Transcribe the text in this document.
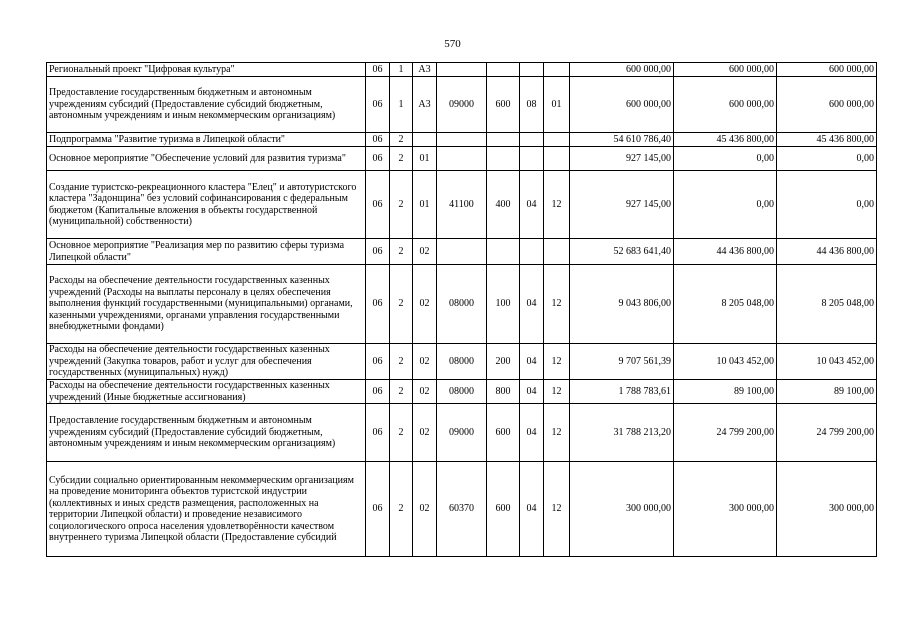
570
Региональный проект "Цифровая культура"	06	1	A3					600 000,00	600 000,00	600 000,00
Предоставление государственным бюджетным и автономным учреждениям субсидий (Предоставление субсидий бюджетным, автономным учреждениям и иным некоммерческим организациям)	06	1	A3	09000	600	08	01	600 000,00	600 000,00	600 000,00
Подпрограмма "Развитие туризма в Липецкой области"	06	2						54 610 786,40	45 436 800,00	45 436 800,00
Основное мероприятие "Обеспечение условий для развития туризма"	06	2	01					927 145,00	0,00	0,00
Создание туристско-рекреационного кластера "Елец" и автотуристского кластера "Задонщина" без условий софинансирования с федеральным бюджетом (Капитальные вложения в объекты государственной (муниципальной) собственности)	06	2	01	41100	400	04	12	927 145,00	0,00	0,00
Основное мероприятие "Реализация мер по развитию сферы туризма Липецкой области"	06	2	02					52 683 641,40	44 436 800,00	44 436 800,00
Расходы на обеспечение деятельности государственных казенных учреждений (Расходы на выплаты персоналу в целях обеспечения выполнения функций государственными (муниципальными) органами, казенными учреждениями, органами управления государственными внебюджетными фондами)	06	2	02	08000	100	04	12	9 043 806,00	8 205 048,00	8 205 048,00
Расходы на обеспечение деятельности государственных казенных учреждений (Закупка товаров, работ и услуг для обеспечения государственных (муниципальных) нужд)	06	2	02	08000	200	04	12	9 707 561,39	10 043 452,00	10 043 452,00
Расходы на обеспечение деятельности государственных казенных учреждений (Иные бюджетные ассигнования)	06	2	02	08000	800	04	12	1 788 783,61	89 100,00	89 100,00
Предоставление государственным бюджетным и автономным учреждениям субсидий (Предоставление субсидий бюджетным, автономным учреждениям и иным некоммерческим организациям)	06	2	02	09000	600	04	12	31 788 213,20	24 799 200,00	24 799 200,00
Субсидии социально ориентированным некоммерческим организациям на проведение мониторинга объектов туристской индустрии (коллективных и иных средств размещения, расположенных на территории Липецкой области) и проведение независимого социологического опроса населения удовлетворённости качеством внутреннего туризма Липецкой области (Предоставление субсидий	06	2	02	60370	600	04	12	300 000,00	300 000,00	300 000,00
